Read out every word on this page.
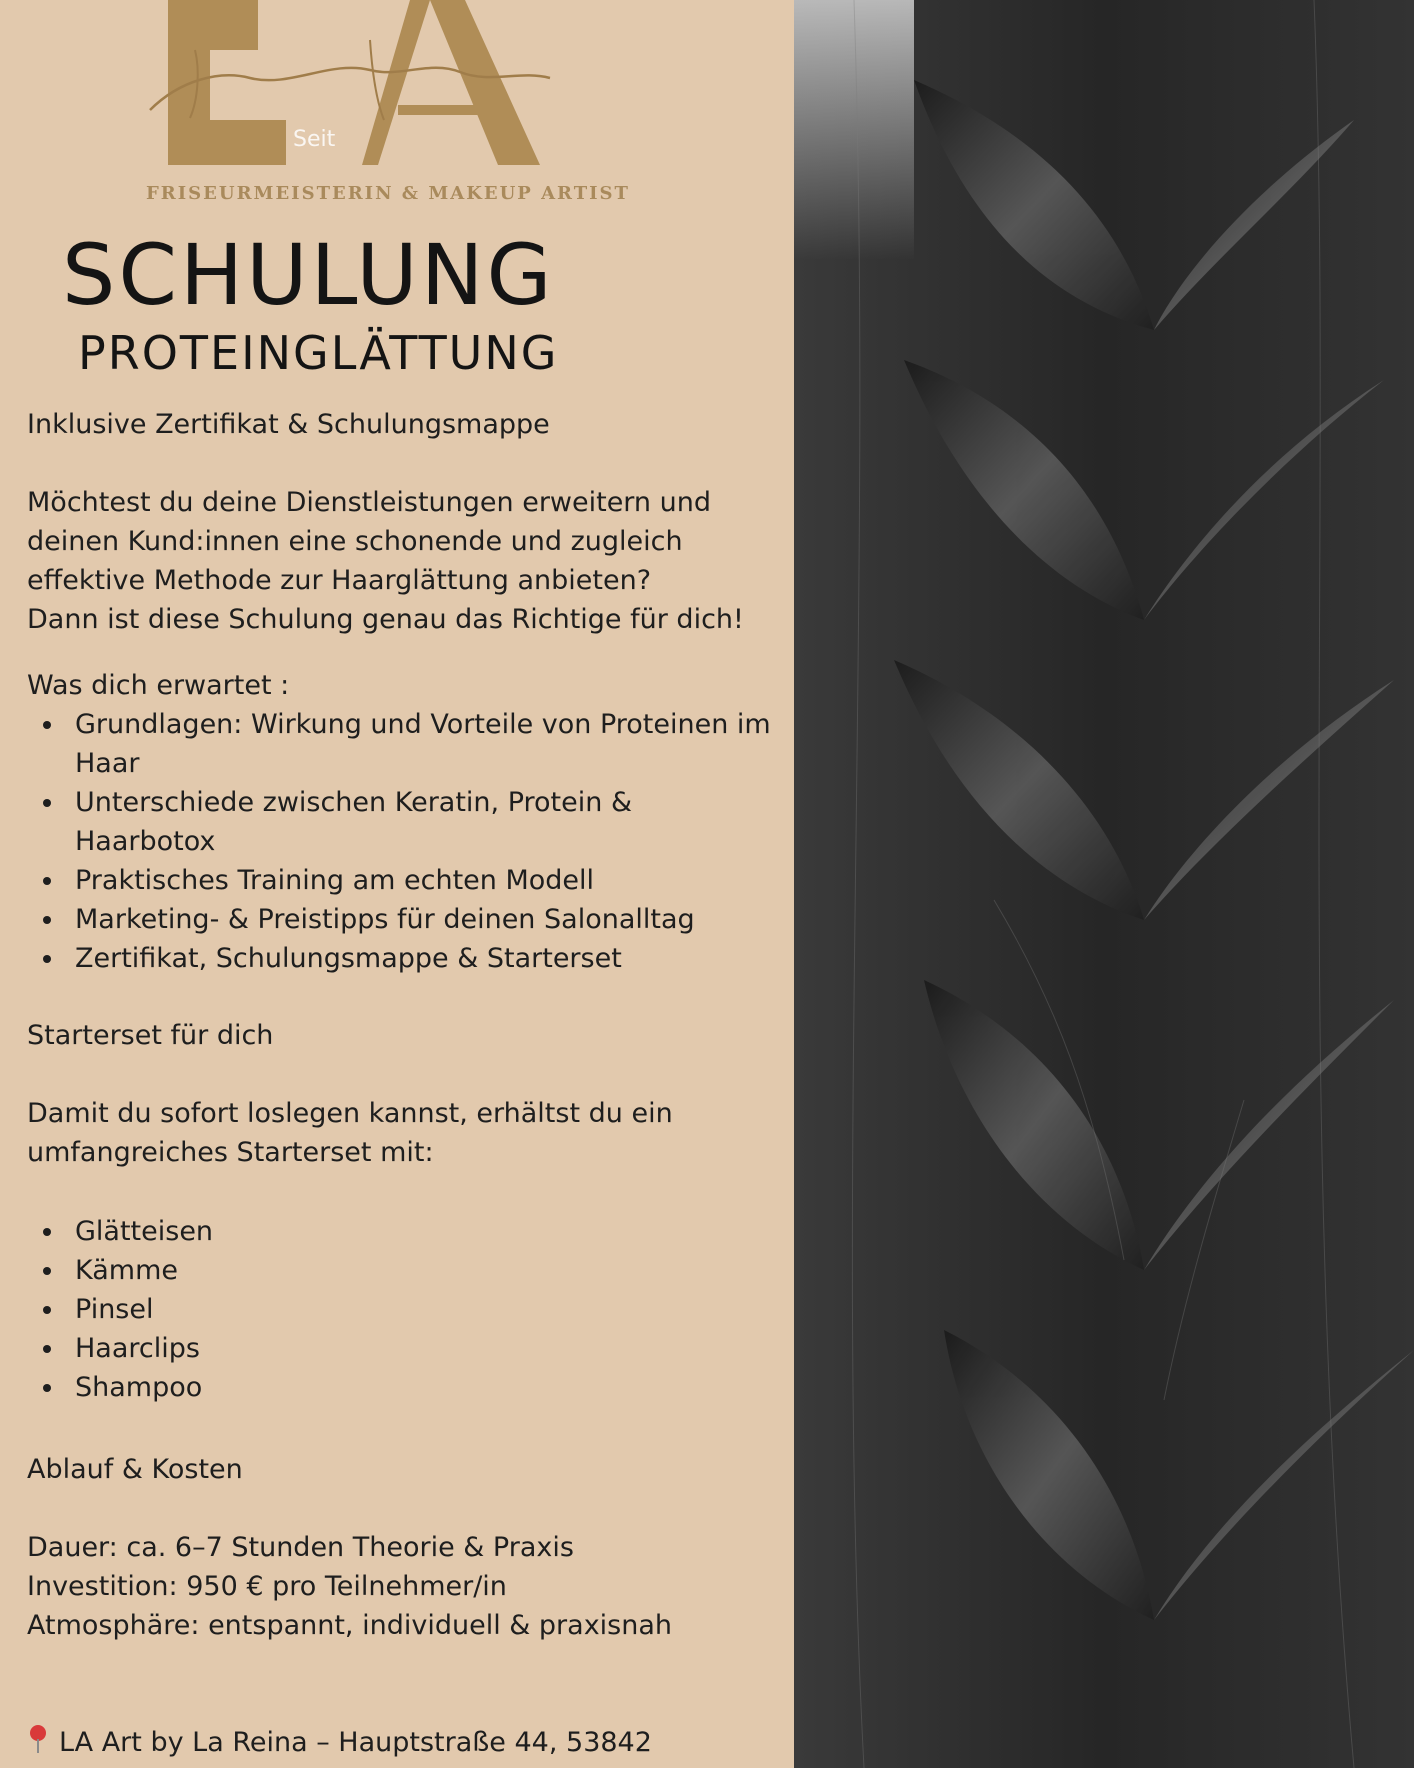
Seit
FRISEURMEISTERIN & MAKEUP ARTIST
SCHULUNG
PROTEINGLÄTTUNG
Inklusive Zertifikat & Schulungsmappe

Möchtest du deine Dienstleistungen erweitern und

deinen Kund:innen eine schonende und zugleich

effektive Methode zur Haarglättung anbieten?

Dann ist diese Schulung genau das Richtige für dich!

Was dich erwartet :

Grundlagen: Wirkung und Vorteile von Proteinen im Haar
Unterschiede zwischen Keratin, Protein & Haarbotox
Praktisches Training am echten Modell
Marketing- & Preistipps für deinen Salonalltag
Zertifikat, Schulungsmappe & Starterset
Starterset für dich

Damit du sofort loslegen kannst, erhältst du ein

umfangreiches Starterset mit:

Glätteisen
Kämme
Pinsel
Haarclips
Shampoo
Ablauf & Kosten

Dauer: ca. 6–7 Stunden Theorie & Praxis

Investition: 950 € pro Teilnehmer/in

Atmosphäre: entspannt, individuell & praxisnah

LA Art by La Reina – Hauptstraße 44, 53842
